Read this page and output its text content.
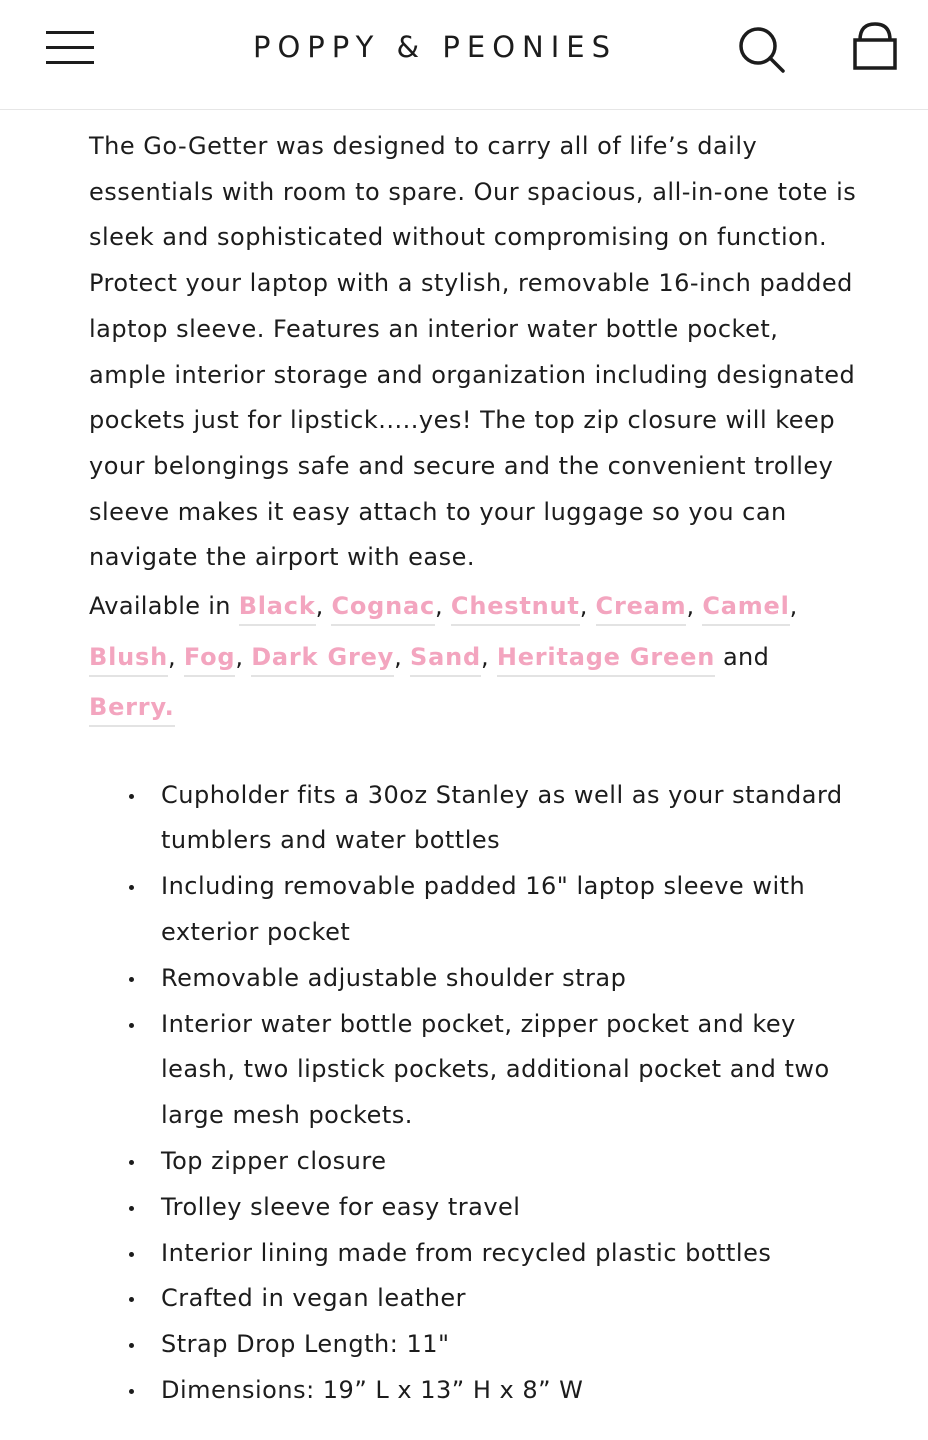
POPPY & PEONIES

The Go-Getter was designed to carry all of life’s daily essentials with room to spare. Our spacious, all-in-one tote is sleek and sophisticated without compromising on function. Protect your laptop with a stylish, removable 16-inch padded laptop sleeve. Features an interior water bottle pocket, ample interior storage and organization including designated pockets just for lipstick.....yes! The top zip closure will keep your belongings safe and secure and the convenient trolley sleeve makes it easy attach to your luggage so you can navigate the airport with ease.

Available in Black, Cognac, Chestnut, Cream, Camel, Blush, Fog, Dark Grey, Sand, Heritage Green and Berry.

Cupholder fits a 30oz Stanley as well as your standard tumblers and water bottles
Including removable padded 16" laptop sleeve with exterior pocket
Removable adjustable shoulder strap
Interior water bottle pocket, zipper pocket and key leash, two lipstick pockets, additional pocket and two large mesh pockets.
Top zipper closure
Trolley sleeve for easy travel
Interior lining made from recycled plastic bottles
Crafted in vegan leather
Strap Drop Length: 11"
Dimensions: 19” L x 13” H x 8” W
